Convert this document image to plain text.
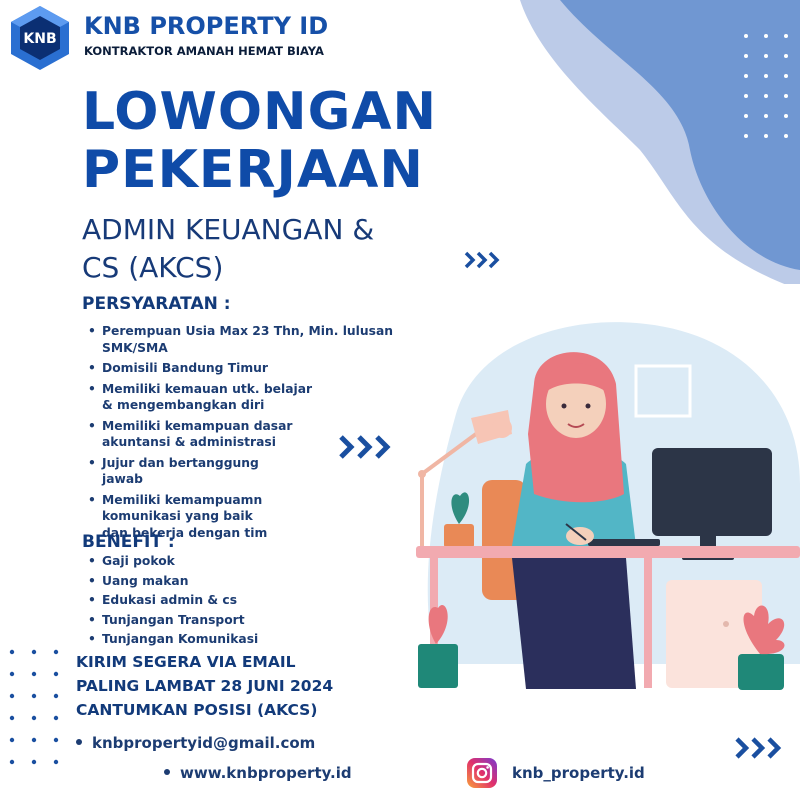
KNB KNB PROPERTY ID
KONTRAKTOR AMANAH HEMAT BIAYA
LOWONGAN
PEKERJAAN
ADMIN KEUANGAN &
CS (AKCS)
PERSYARATAN :
• Perempuan Usia Max 23 Thn, Min. lulusan SMK/SMA
• Domisili Bandung Timur
• Memiliki kemauan utk. belajar
& mengembangkan diri
• Memiliki kemampuan dasar
akuntansi & administrasi
• Jujur dan bertanggung
jawab
• Memiliki kemampuamn
komunikasi yang baik
dan bekerja dengan tim
BENEFIT :
• Gaji pokok
• Uang makan
• Edukasi admin & cs
• Tunjangan Transport
• Tunjangan Komunikasi
KIRIM SEGERA VIA EMAIL
PALING LAMBAT 28 JUNI 2024
CANTUMKAN POSISI (AKCS)
knbpropertyid@gmail.com
www.knbproperty.id	knb_property.id
